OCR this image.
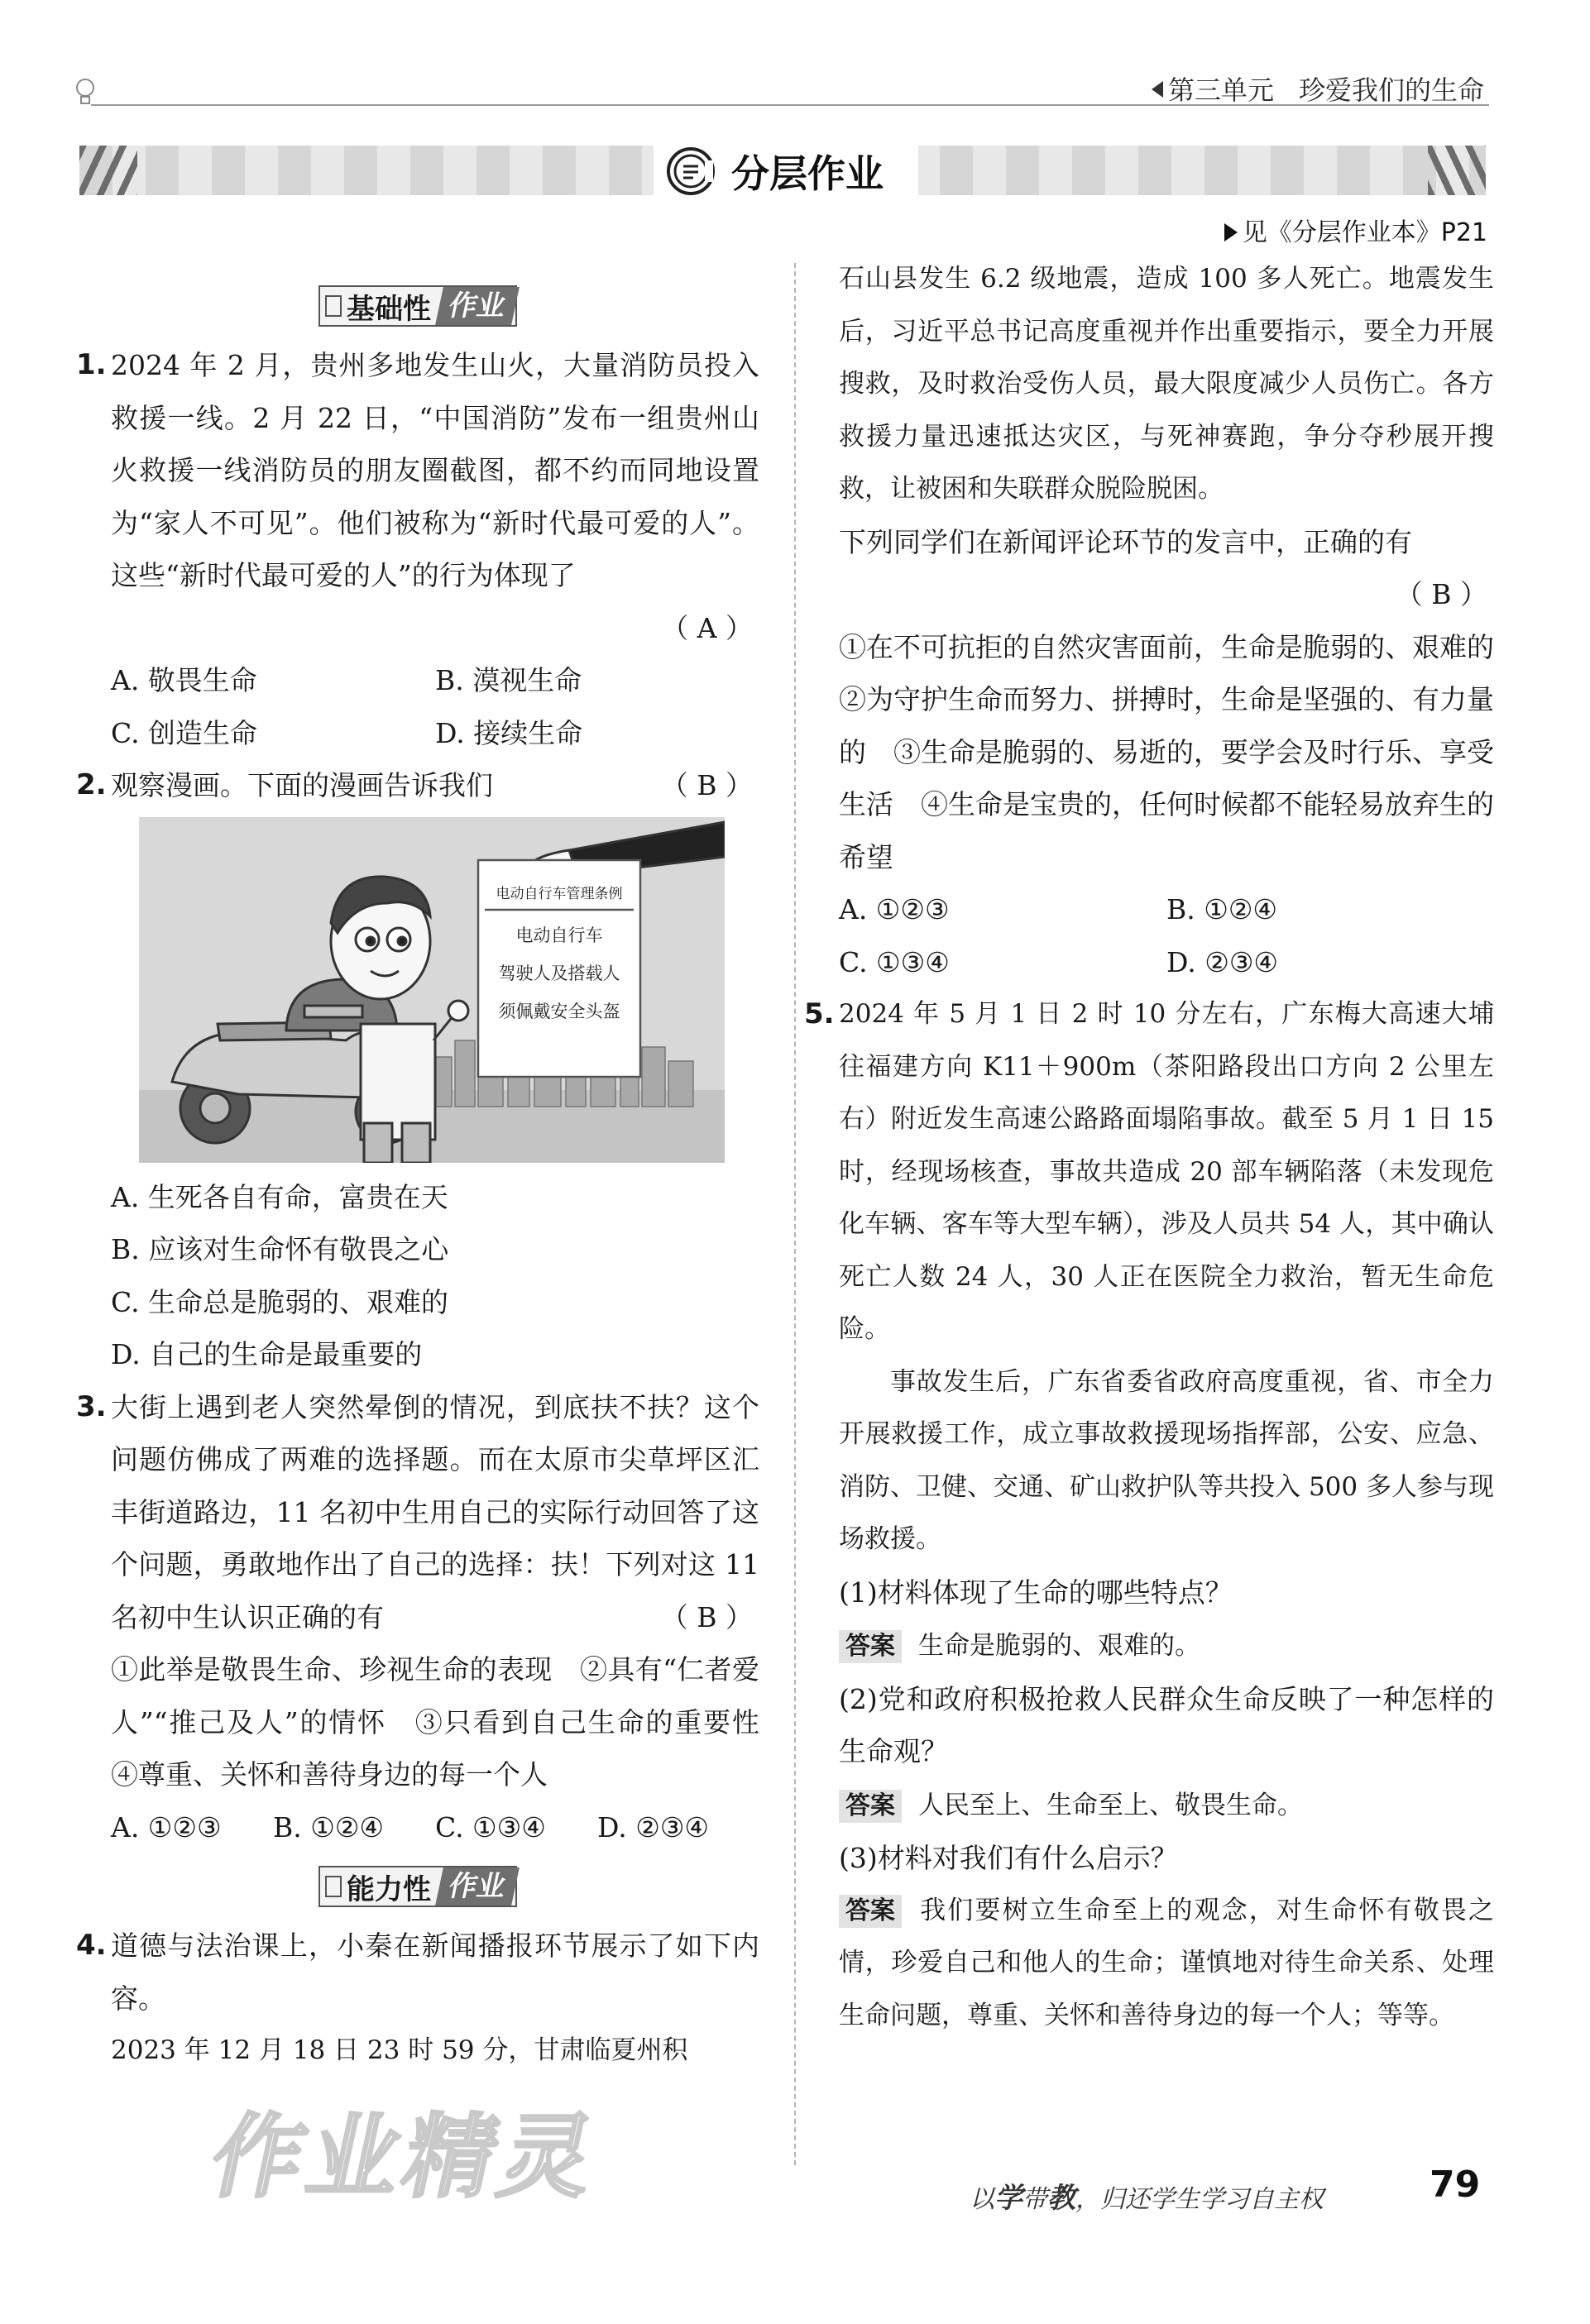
第三单元 珍爱我们的生命
分层作业
见《分层作业本》P21
基础性 作业

1. 2024 年 2 月，贵州多地发生山火，大量消防员投入救援一线。2 月 22 日，“中国消防”发布一组贵州山火救援一线消防员的朋友圈截图，都不约而同地设置为“家人不可见”。他们被称为“新时代最可爱的人”。这些“新时代最可爱的人”的行为体现了

（ A ）
A. 敬畏生命	B. 漠视生命
C. 创造生命	D. 接续生命

2. 观察漫画。下面的漫画告诉我们	（ B ）
电动自行车管理条例
电动自行车
驾驶人及搭载人
须佩戴安全头盔
A. 生死各自有命，富贵在天
B. 应该对生命怀有敬畏之心
C. 生命总是脆弱的、艰难的
D. 自己的生命是最重要的

3. 大街上遇到老人突然晕倒的情况，到底扶不扶？这个问题仿佛成了两难的选择题。而在太原市尖草坪区汇丰街道路边，11 名初中生用自己的实际行动回答了这个问题，勇敢地作出了自己的选择：扶！下列对这 11 名初中生认识正确的有	（ B ）

①此举是敬畏生命、珍视生命的表现　②具有“仁者爱人”“推己及人”的情怀　③只看到自己生命的重要性　④尊重、关怀和善待身边的每一个人

A. ①②③	B. ①②④	C. ①③④	D. ②③④
能力性 作业

4. 道德与法治课上，小秦在新闻播报环节展示了如下内容。

2023 年 12 月 18 日 23 时 59 分，甘肃临夏州积

石山县发生 6.2 级地震，造成 100 多人死亡。地震发生后，习近平总书记高度重视并作出重要指示，要全力开展搜救，及时救治受伤人员，最大限度减少人员伤亡。各方救援力量迅速抵达灾区，与死神赛跑，争分夺秒展开搜救，让被困和失联群众脱险脱困。

下列同学们在新闻评论环节的发言中，正确的有

（ B ）

①在不可抗拒的自然灾害面前，生命是脆弱的、艰难的　②为守护生命而努力、拼搏时，生命是坚强的、有力量的　③生命是脆弱的、易逝的，要学会及时行乐、享受生活　④生命是宝贵的，任何时候都不能轻易放弃生的希望

A. ①②③	B. ①②④
C. ①③④	D. ②③④

5. 2024 年 5 月 1 日 2 时 10 分左右，广东梅大高速大埔往福建方向 K11＋900m（茶阳路段出口方向 2 公里左右）附近发生高速公路路面塌陷事故。截至 5 月 1 日 15 时，经现场核查，事故共造成 20 部车辆陷落（未发现危化车辆、客车等大型车辆），涉及人员共 54 人，其中确认死亡人数 24 人，30 人正在医院全力救治，暂无生命危险。

事故发生后，广东省委省政府高度重视，省、市全力开展救援工作，成立事故救援现场指挥部，公安、应急、消防、卫健、交通、矿山救护队等共投入 500 多人参与现场救援。

(1)材料体现了生命的哪些特点？

答案 生命是脆弱的、艰难的。

(2)党和政府积极抢救人民群众生命反映了一种怎样的生命观？

答案 人民至上、生命至上、敬畏生命。

(3)材料对我们有什么启示？

答案 我们要树立生命至上的观念，对生命怀有敬畏之情，珍爱自己和他人的生命；谨慎地对待生命关系、处理生命问题，尊重、关怀和善待身边的每一个人；等等。

作业精灵	以学带教，归还学生学习自主权	79
